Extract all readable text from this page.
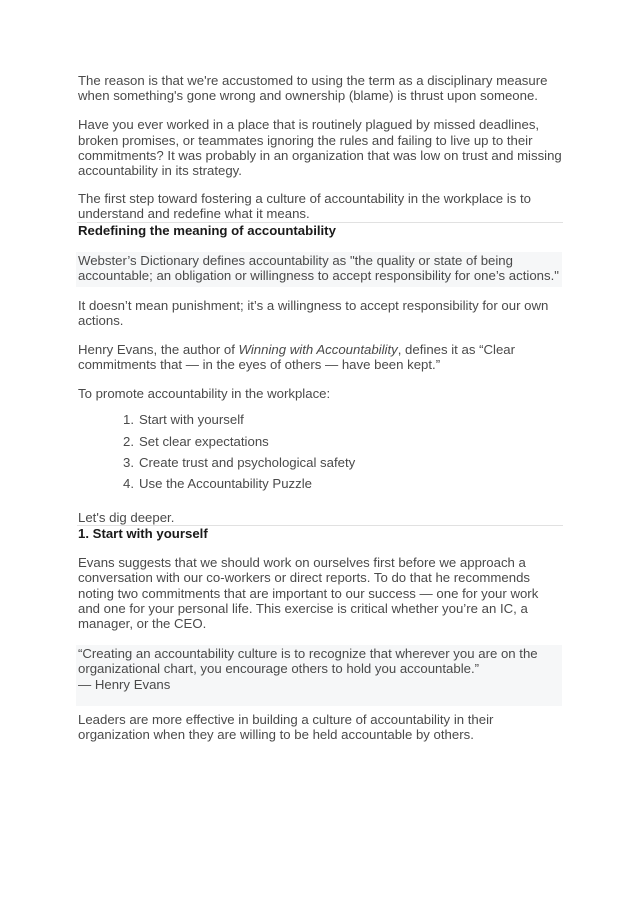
The reason is that we're accustomed to using the term as a disciplinary measure when something's gone wrong and ownership (blame) is thrust upon someone.

Have you ever worked in a place that is routinely plagued by missed deadlines, broken promises, or teammates ignoring the rules and failing to live up to their commitments? It was probably in an organization that was low on trust and missing accountability in its strategy.

The first step toward fostering a culture of accountability in the workplace is to understand and redefine what it means.

Redefining the meaning of accountability

Webster’s Dictionary defines accountability as "the quality or state of being accountable; an obligation or willingness to accept responsibility for one’s actions."

It doesn’t mean punishment; it’s a willingness to accept responsibility for our own actions.

Henry Evans, the author of Winning with Accountability, defines it as “Clear commitments that — in the eyes of others — have been kept.”

To promote accountability in the workplace:

1. Start with yourself
2. Set clear expectations
3. Create trust and psychological safety
4. Use the Accountability Puzzle

Let's dig deeper.

1. Start with yourself

Evans suggests that we should work on ourselves first before we approach a conversation with our co-workers or direct reports. To do that he recommends noting two commitments that are important to our success — one for your work and one for your personal life. This exercise is critical whether you’re an IC, a manager, or the CEO.

“Creating an accountability culture is to recognize that wherever you are on the organizational chart, you encourage others to hold you accountable.”

— Henry Evans

Leaders are more effective in building a culture of accountability in their organization when they are willing to be held accountable by others.
